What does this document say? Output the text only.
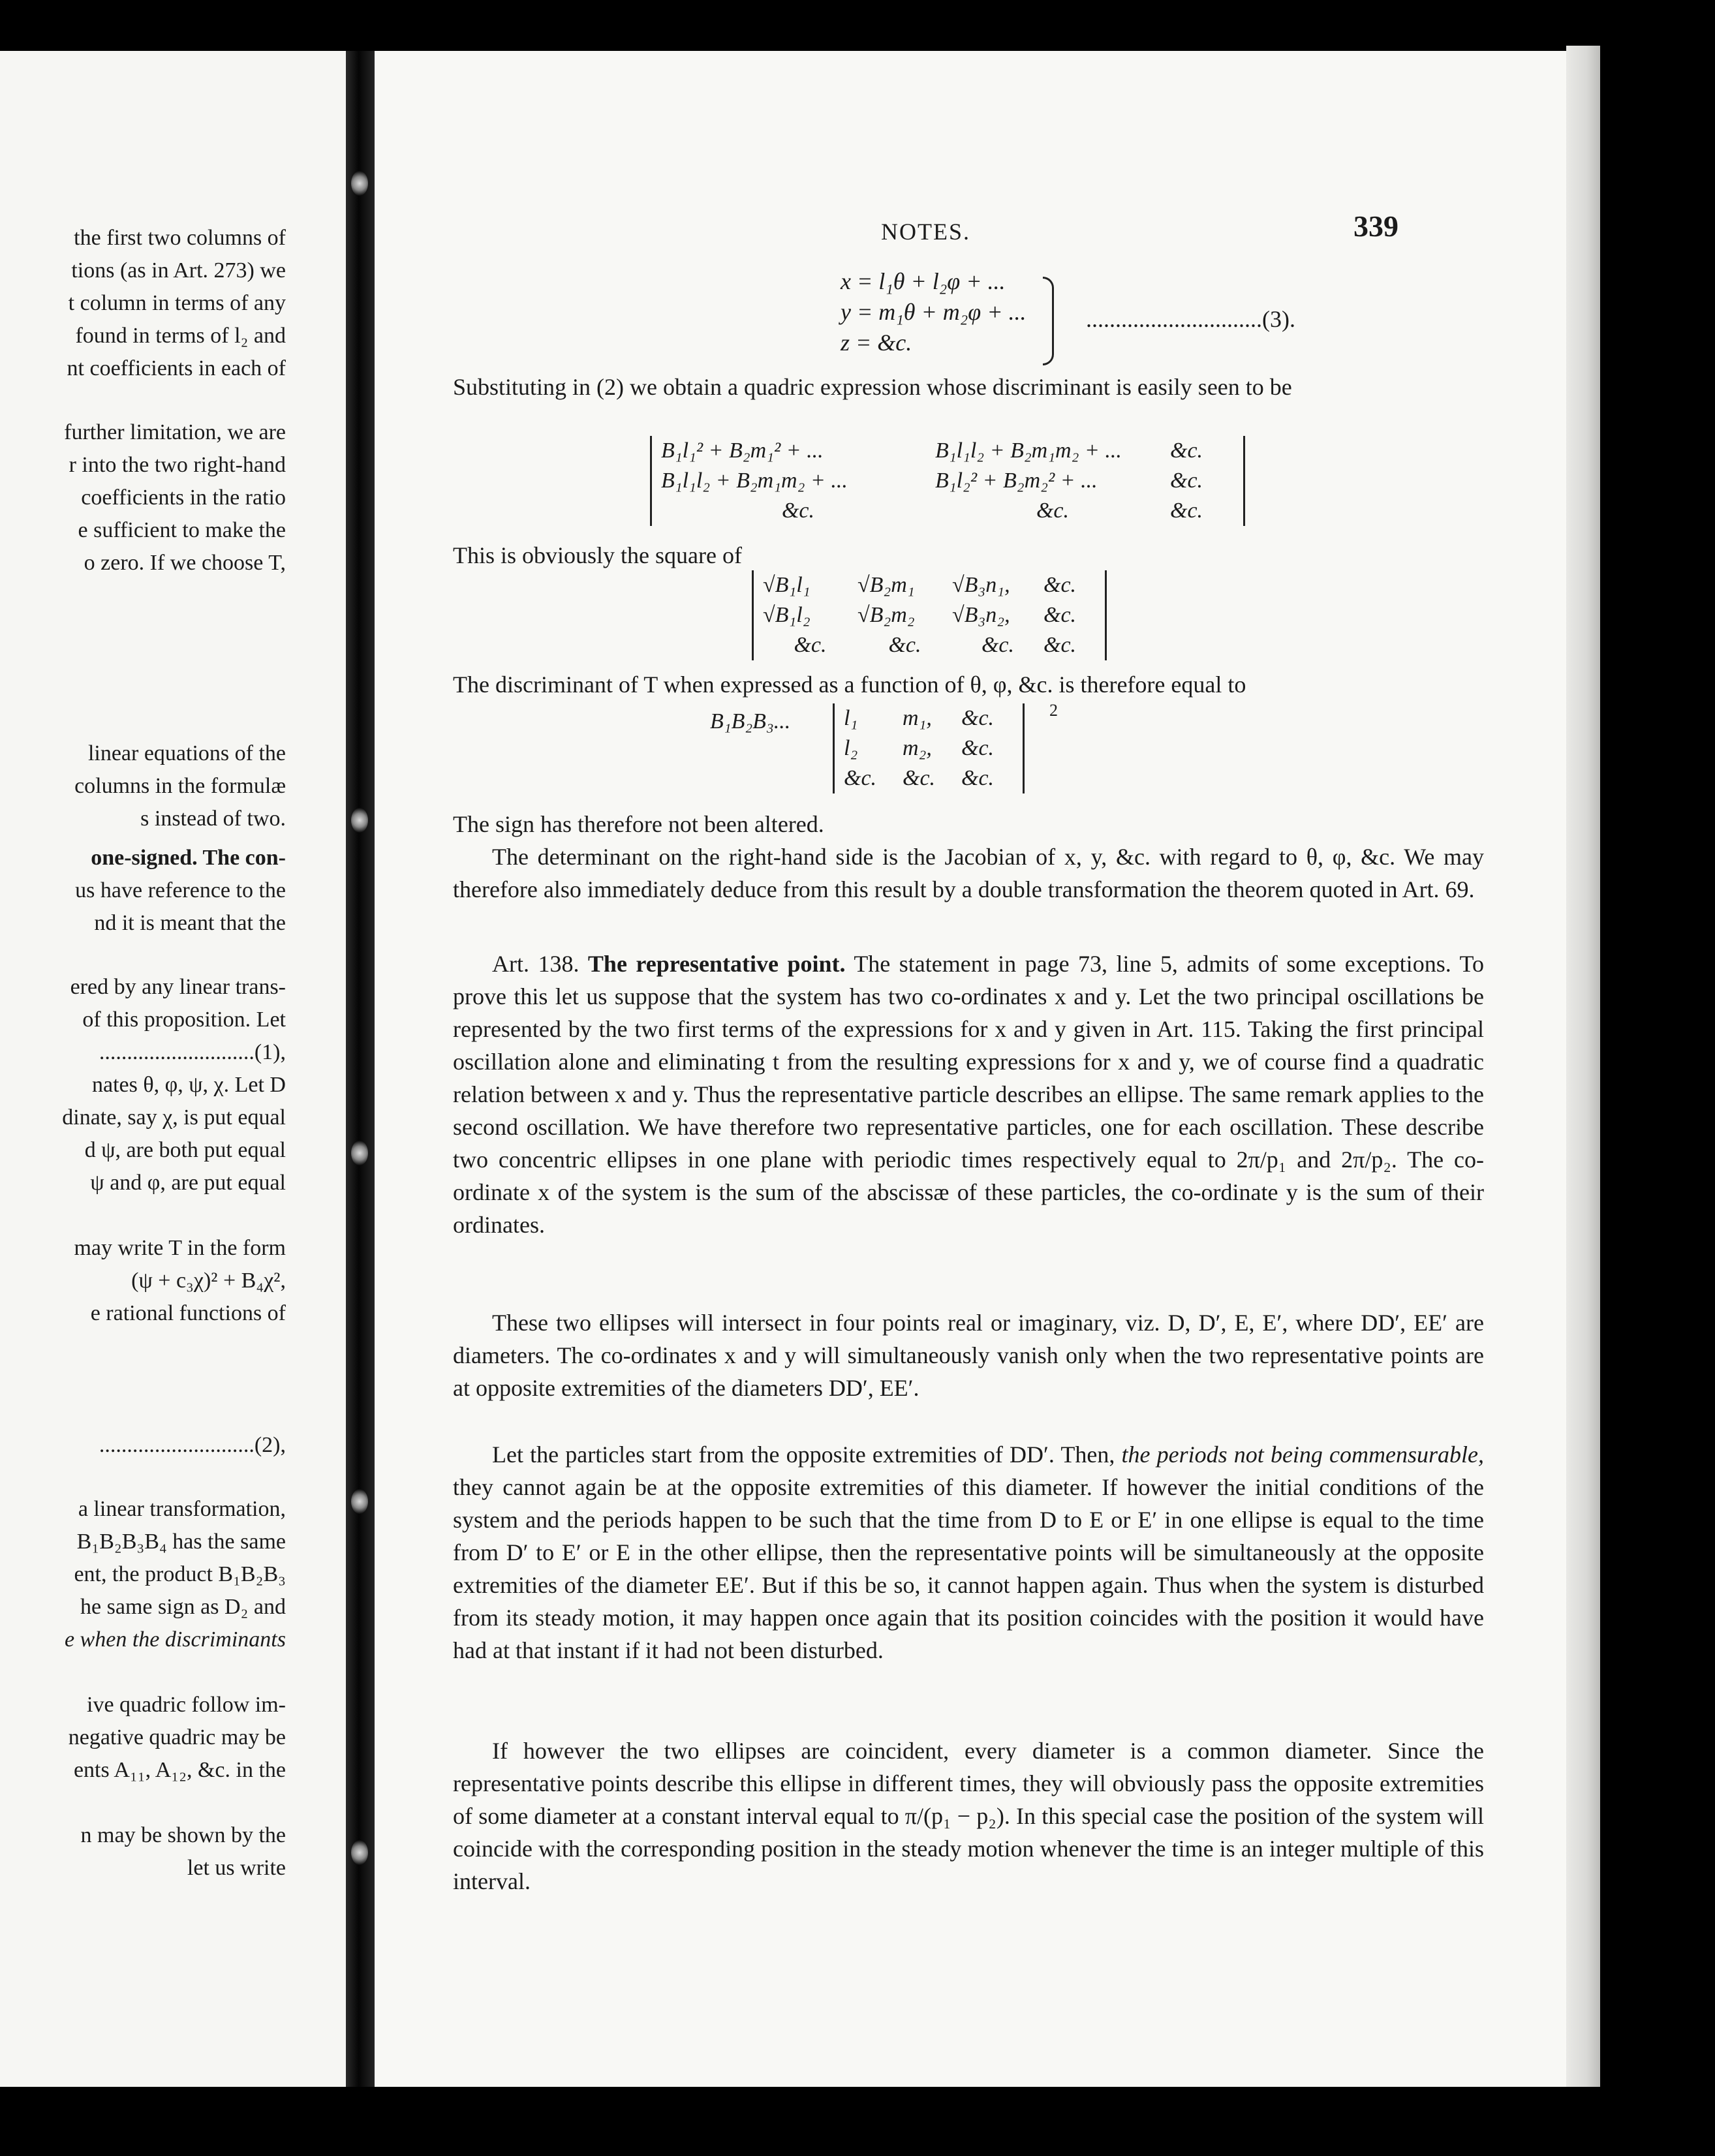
the first two columns of
tions (as in Art. 273) we
t column in terms of any
found in terms of l₂ and
nt coefficients in each of
further limitation, we are
r into the two right-hand
coefficients in the ratio
e sufficient to make the
o zero. If we choose T,
linear equations of the
columns in the formulæ
s instead of two.
one-signed. The con-
us have reference to the
nd it is meant that the
ered by any linear trans-
of this proposition. Let
............................(1),
nates θ, φ, ψ, χ. Let D
dinate, say χ, is put equal
d ψ, are both put equal
ψ and φ, are put equal
may write T in the form
(ψ + c₃χ)² + B₄χ²,
e rational functions of
............................(2),
a linear transformation,
B₁B₂B₃B₄ has the same
ent, the product B₁B₂B₃
he same sign as D₂ and
e when the discriminants
ive quadric follow im-
negative quadric may be
ents A₁₁, A₁₂, &c. in the
n may be shown by the
let us write
NOTES.	339
x = l₁θ + l₂φ + ...
y = m₁θ + m₂φ + ...
z = &c.
..............................(3).

Substituting in (2) we obtain a quadric expression whose discriminant is easily seen to be

B₁l₁² + B₂m₁² + ...	B₁l₁l₂ + B₂m₁m₂ + ...	&c.
B₁l₁l₂ + B₂m₁m₂ + ...	B₁l₂² + B₂m₂² + ...	&c.
&c.	&c.	&c.

This is obviously the square of

√B₁l₁	√B₂m₁	√B₃n₁,	&c.
√B₁l₂	√B₂m₂	√B₃n₂,	&c.
&c.	&c.	&c.	&c.

The discriminant of T when expressed as a function of θ, φ, &c. is therefore equal to

B₁B₂B₃... l₁	m₁,	&c.
l₂	m₂,	&c.
&c.	&c.	&c.
2

The sign has therefore not been altered.

The determinant on the right-hand side is the Jacobian of x, y, &c. with regard to θ, φ, &c. We may therefore also immediately deduce from this result by a double transformation the theorem quoted in Art. 69.

Art. 138. The representative point. The statement in page 73, line 5, admits of some exceptions. To prove this let us suppose that the system has two co-ordinates x and y. Let the two principal oscillations be represented by the two first terms of the expressions for x and y given in Art. 115. Taking the first principal oscillation alone and eliminating t from the resulting expressions for x and y, we of course find a quadratic relation between x and y. Thus the representative particle describes an ellipse. The same remark applies to the second oscillation. We have therefore two representative particles, one for each oscillation. These describe two concentric ellipses in one plane with periodic times respectively equal to 2π/p₁ and 2π/p₂. The co-ordinate x of the system is the sum of the abscissæ of these particles, the co-ordinate y is the sum of their ordinates.

These two ellipses will intersect in four points real or imaginary, viz. D, D′, E, E′, where DD′, EE′ are diameters. The co-ordinates x and y will simultaneously vanish only when the two representative points are at opposite extremities of the diameters DD′, EE′.

Let the particles start from the opposite extremities of DD′. Then, the periods not being commensurable, they cannot again be at the opposite extremities of this diameter. If however the initial conditions of the system and the periods happen to be such that the time from D to E or E′ in one ellipse is equal to the time from D′ to E′ or E in the other ellipse, then the representative points will be simultaneously at the opposite extremities of the diameter EE′. But if this be so, it cannot happen again. Thus when the system is disturbed from its steady motion, it may happen once again that its position coincides with the position it would have had at that instant if it had not been disturbed.

If however the two ellipses are coincident, every diameter is a common diameter. Since the representative points describe this ellipse in different times, they will obviously pass the opposite extremities of some diameter at a constant interval equal to π/(p₁ − p₂). In this special case the position of the system will coincide with the corresponding position in the steady motion whenever the time is an integer multiple of this interval.
